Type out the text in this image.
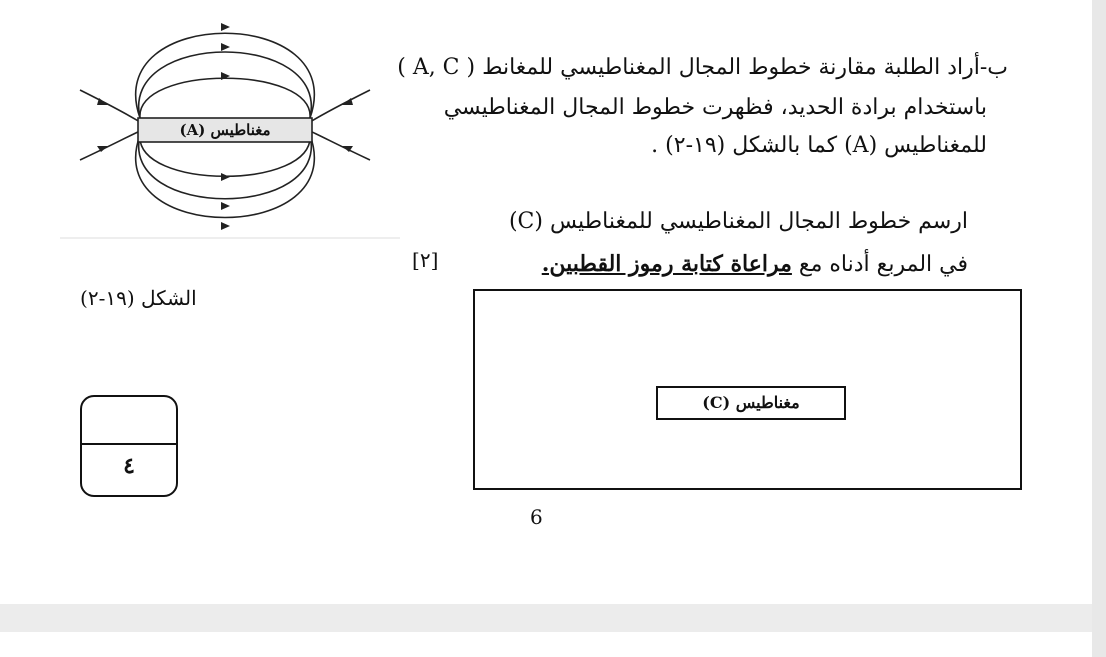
مغناطيس (A)
ب-أراد الطلبة مقارنة خطوط المجال المغناطيسي للمغانط ( A, C )
باستخدام برادة الحديد، فظهرت خطوط المجال المغناطيسي
للمغناطيس (A) كما بالشكل (١٩-٢) .
ارسم خطوط المجال المغناطيسي للمغناطيس (C)
في المربع أدناه مع مراعاة كتابة رموز القطبين.
[٢]
الشكل (١٩-٢)
مغناطيس (C)
٤
6
